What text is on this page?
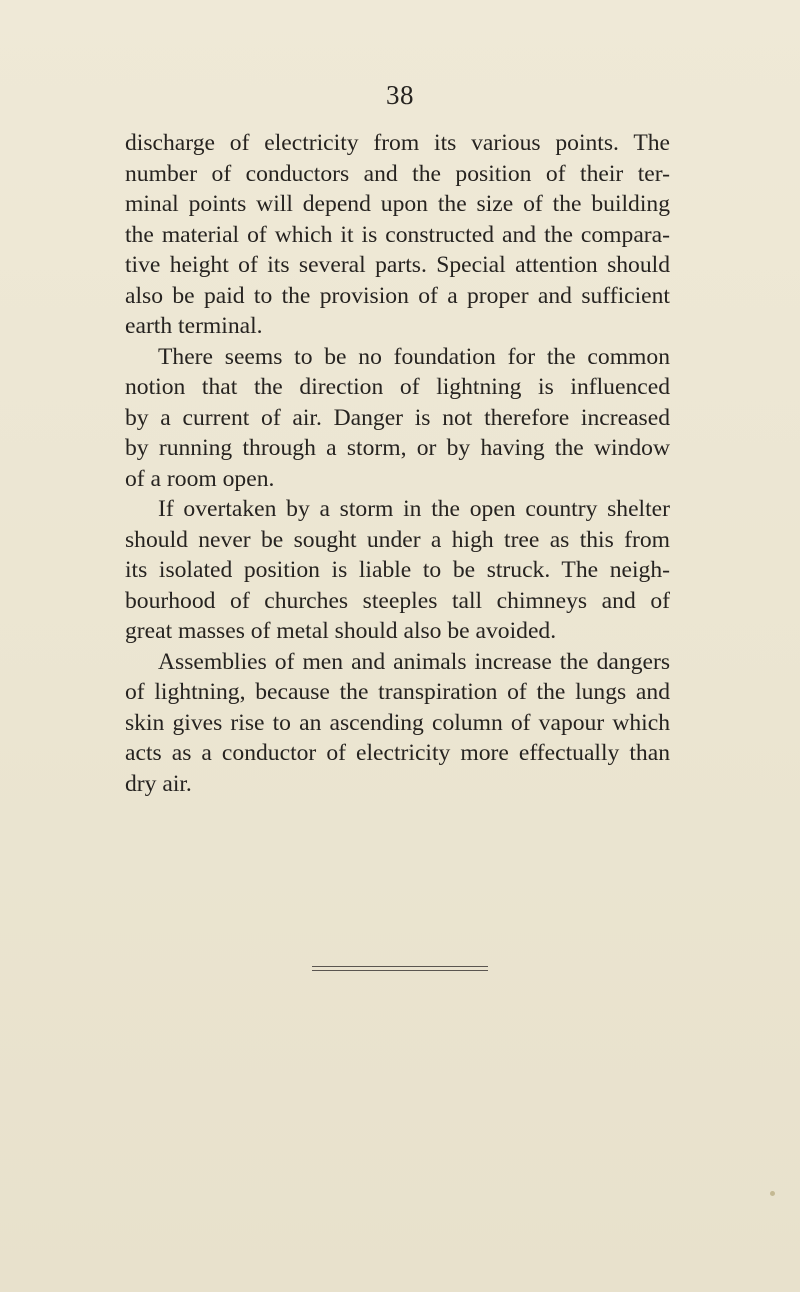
38

discharge of electricity from its various points. The
number of conductors and the position of their ter-
minal points will depend upon the size of the building
the material of which it is constructed and the compara-
tive height of its several parts. Special attention should
also be paid to the provision of a proper and sufficient
earth terminal.

There seems to be no foundation for the common
notion that the direction of lightning is influenced
by a current of air. Danger is not therefore increased
by running through a storm, or by having the window
of a room open.

If overtaken by a storm in the open country shelter
should never be sought under a high tree as this from
its isolated position is liable to be struck. The neigh-
bourhood of churches steeples tall chimneys and of
great masses of metal should also be avoided.

Assemblies of men and animals increase the dangers
of lightning, because the transpiration of the lungs and
skin gives rise to an ascending column of vapour which
acts as a conductor of electricity more effectually than
dry air.
